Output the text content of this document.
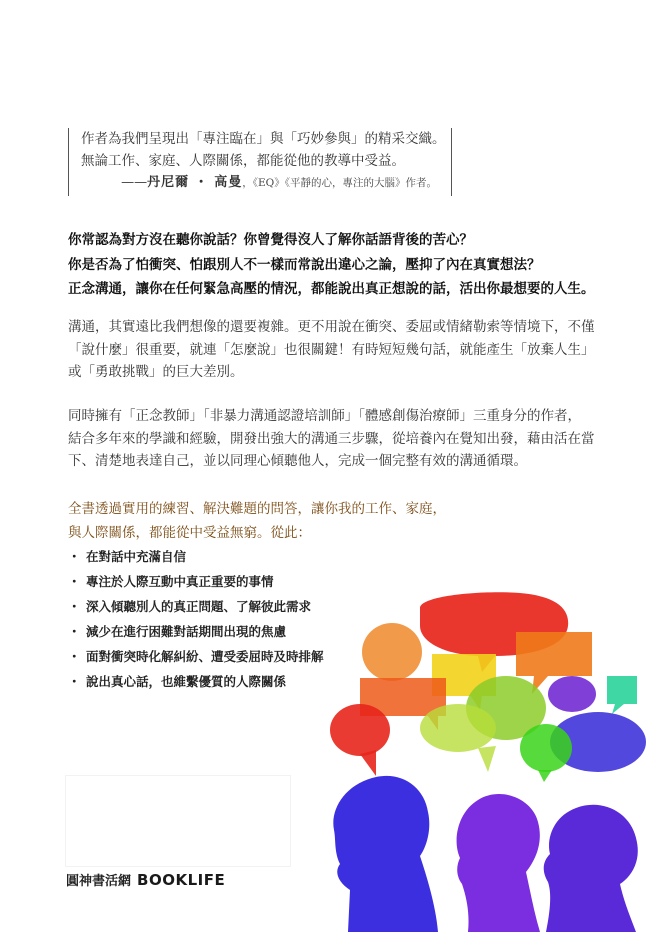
作者為我們呈現出「專注臨在」與「巧妙參與」的精采交織。
無論工作、家庭、人際關係，都能從他的教導中受益。
——丹尼爾 ・ 高曼，《EQ》《平靜的心，專注的大腦》作者。
你常認為對方沒在聽你說話？你曾覺得沒人了解你話語背後的苦心？
你是否為了怕衝突、怕跟別人不一樣而常說出違心之論，壓抑了內在真實想法？
正念溝通，讓你在任何緊急高壓的情況，都能說出真正想說的話，活出你最想要的人生。
溝通，其實遠比我們想像的還要複雜。更不用說在衝突、委屈或情緒勒索等情境下，不僅
「說什麼」很重要，就連「怎麼說」也很關鍵！有時短短幾句話，就能產生「放棄人生」
或「勇敢挑戰」的巨大差別。
同時擁有「正念教師」「非暴力溝通認證培訓師」「體感創傷治療師」三重身分的作者，
結合多年來的學識和經驗，開發出強大的溝通三步驟，從培養內在覺知出發，藉由活在當
下、清楚地表達自己，並以同理心傾聽他人，完成一個完整有效的溝通循環。
全書透過實用的練習、解決難題的問答，讓你我的工作、家庭，
與人際關係，都能從中受益無窮。從此：
・ 在對話中充滿自信
・ 專注於人際互動中真正重要的事情
・ 深入傾聽別人的真正問題、了解彼此需求
・ 減少在進行困難對話期間出現的焦慮
・ 面對衝突時化解糾紛、遭受委屈時及時排解
・ 說出真心話，也維繫優質的人際關係
圓神書活網 BOOKLIFE
